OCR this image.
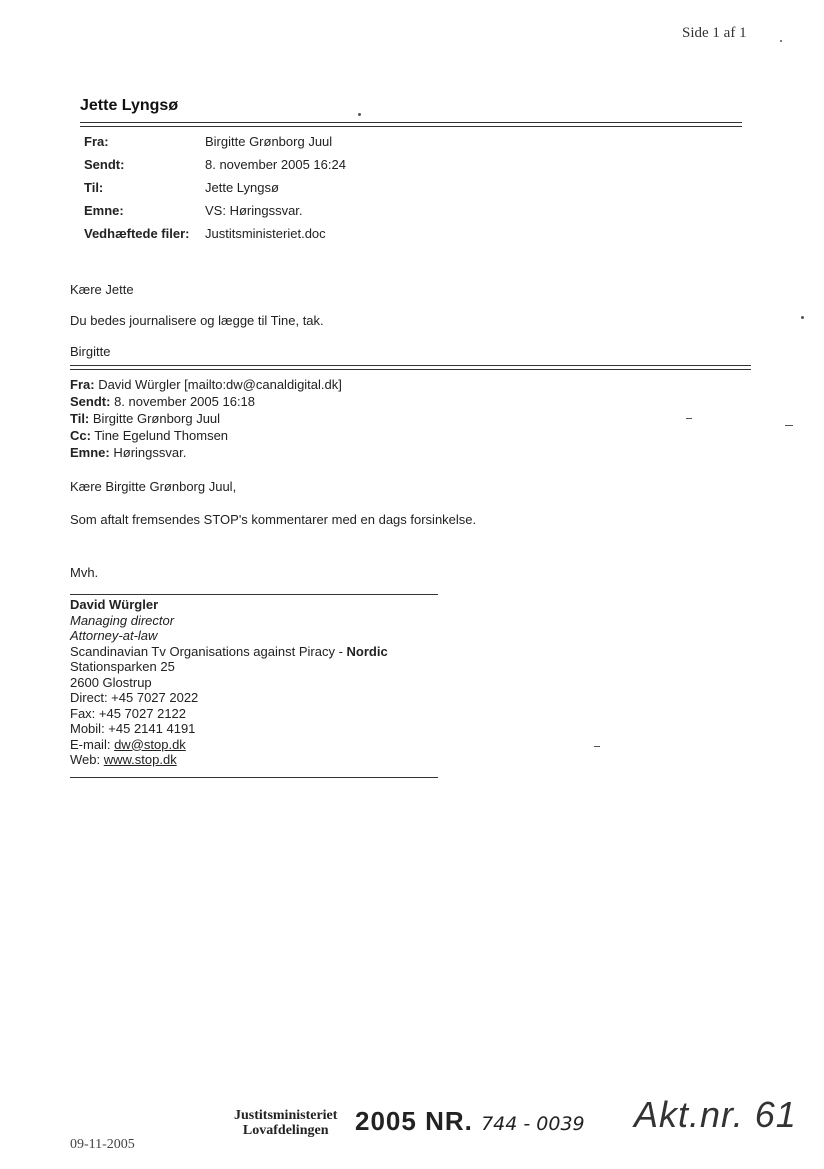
Side 1 af 1
Jette Lyngsø
Fra:	Birgitte Grønborg Juul
Sendt:	8. november 2005 16:24
Til:	Jette Lyngsø
Emne:	VS: Høringssvar.
Vedhæftede filer:	Justitsministeriet.doc
Kære Jette
Du bedes journalisere og lægge til Tine, tak.
Birgitte
Fra: David Würgler [mailto:dw@canaldigital.dk]
Sendt: 8. november 2005 16:18
Til: Birgitte Grønborg Juul
Cc: Tine Egelund Thomsen
Emne: Høringssvar.
Kære Birgitte Grønborg Juul,
Som aftalt fremsendes STOP's kommentarer med en dags forsinkelse.
Mvh.
David Würgler
Managing director
Attorney-at-law
Scandinavian Tv Organisations against Piracy - Nordic
Stationsparken 25
2600 Glostrup
Direct: +45 7027 2022
Fax: +45 7027 2122
Mobil: +45 2141 4191
E-mail: dw@stop.dk
Web: www.stop.dk
Justitsministeriet
Lovafdelingen	2005 NR. 744 - 0039 Akt.nr. 61
09-11-2005
